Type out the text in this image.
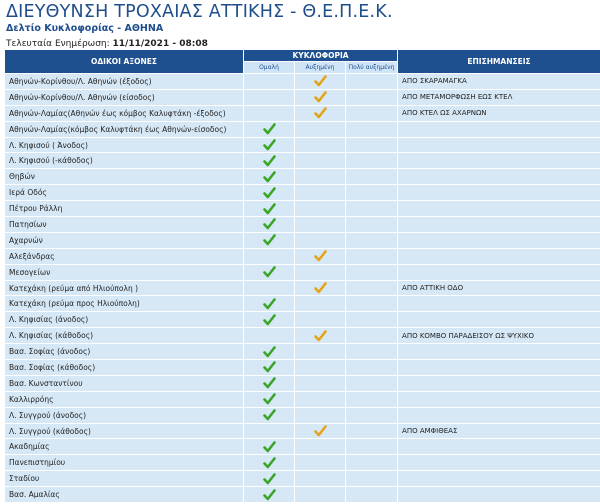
ΔΙΕΥΘΥΝΣΗ ΤΡΟΧΑΙΑΣ ΑΤΤΙΚΗΣ - Θ.Ε.Π.Ε.Κ.
Δελτίο Κυκλοφορίας - ΑΘΗΝΑ
Τελευταία Ενημέρωση: 11/11/2021 - 08:08
ΟΔΙΚΟΙ ΑΞΟΝΕΣ	ΚΥΚΛΟΦΟΡΙΑ			ΕΠΙΣΗΜΑΝΣΕΙΣ
	Ομαλή	Αυξημένη	Πολύ αυξημένη	
Αθηνών-Κορίνθου/Λ. Αθηνών (έξοδος)				ΑΠΟ ΣΚΑΡΑΜΑΓΚΑ
Αθηνών-Κορίνθου/Λ. Αθηνών (είσοδος)				ΑΠΟ ΜΕΤΑΜΟΡΦΩΣΗ ΕΩΣ ΚΤΕΛ
Αθηνών-Λαμίας(Αθηνών έως κόμβος Καλυφτάκη -έξοδος)				ΑΠΟ ΚΤΕΛ ΩΣ ΑΧΑΡΝΩΝ
Αθηνών-Λαμίας(κόμβος Καλυφτάκη έως Αθηνών-είσοδος)	

Λ. Κηφισού ( Άνοδος)	

Λ. Κηφισού (-κάθοδος)	

Θηβών	

Ιερά Οδός	

Πέτρου Ράλλη	

Πατησίων	

Αχαρνών	

Αλεξάνδρας		

Μεσογείων	

Κατεχάκη (ρεύμα από Ηλιούπολη )				ΑΠΟ ΑΤΤΙΚΗ ΟΔΟ
Κατεχάκη (ρεύμα προς Ηλιούπολη)	

Λ. Κηφισίας (άνοδος)	

Λ. Κηφισίας (κάθοδος)				ΑΠΟ ΚΟΜΒΟ ΠΑΡΑΔΕΙΣΟΥ ΩΣ ΨΥΧΙΚΟ
Βασ. Σοφίας (άνοδος)	

Βασ. Σοφίας (κάθοδος)	

Βασ. Κωνσταντίνου	

Καλλιρρόης	

Λ. Συγγρού (άνοδος)	

Λ. Συγγρού (κάθοδος)				ΑΠΟ ΑΜΦΙΘΕΑΣ
Ακαδημίας	

Πανεπιστημίου	

Σταδίου	

Βασ. Αμαλίας	
